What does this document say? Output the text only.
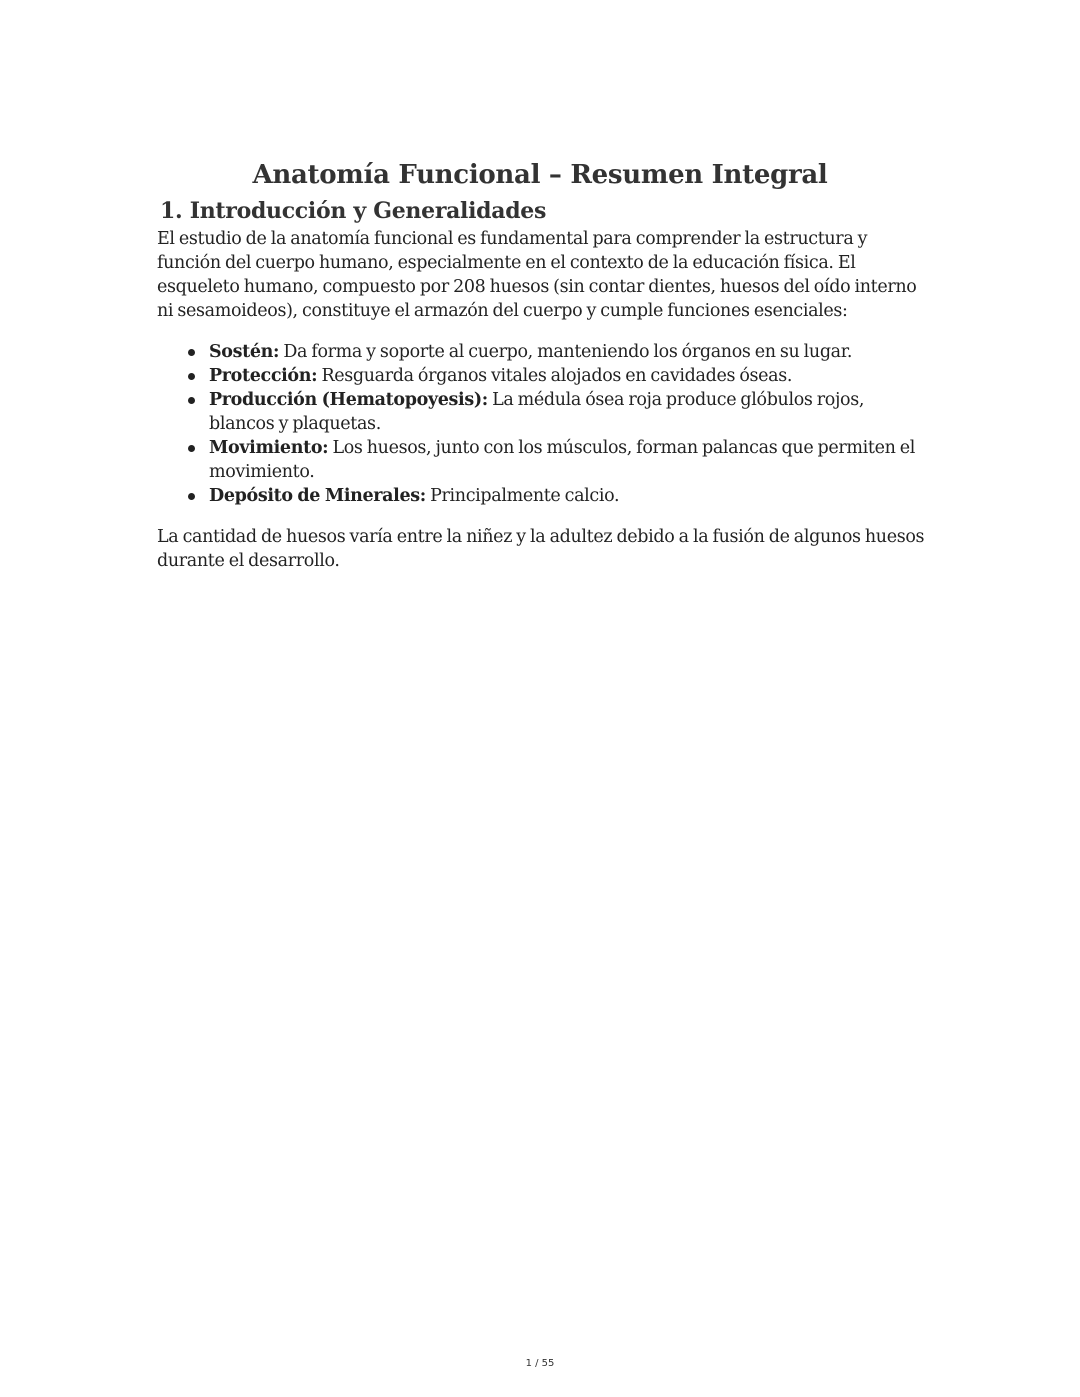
Anatomía Funcional – Resumen Integral
1. Introducción y Generalidades

El estudio de la anatomía funcional es fundamental para comprender la estructura y función del cuerpo humano, especialmente en el contexto de la educación física. El esqueleto humano, compuesto por 208 huesos (sin contar dientes, huesos del oído interno ni sesamoideos), constituye el armazón del cuerpo y cumple funciones esenciales:

Sostén: Da forma y soporte al cuerpo, manteniendo los órganos en su lugar.
Protección: Resguarda órganos vitales alojados en cavidades óseas.
Producción (Hematopoyesis): La médula ósea roja produce glóbulos rojos, blancos y plaquetas.
Movimiento: Los huesos, junto con los músculos, forman palancas que permiten el movimiento.
Depósito de Minerales: Principalmente calcio.

La cantidad de huesos varía entre la niñez y la adultez debido a la fusión de algunos huesos durante el desarrollo.

1 / 55
